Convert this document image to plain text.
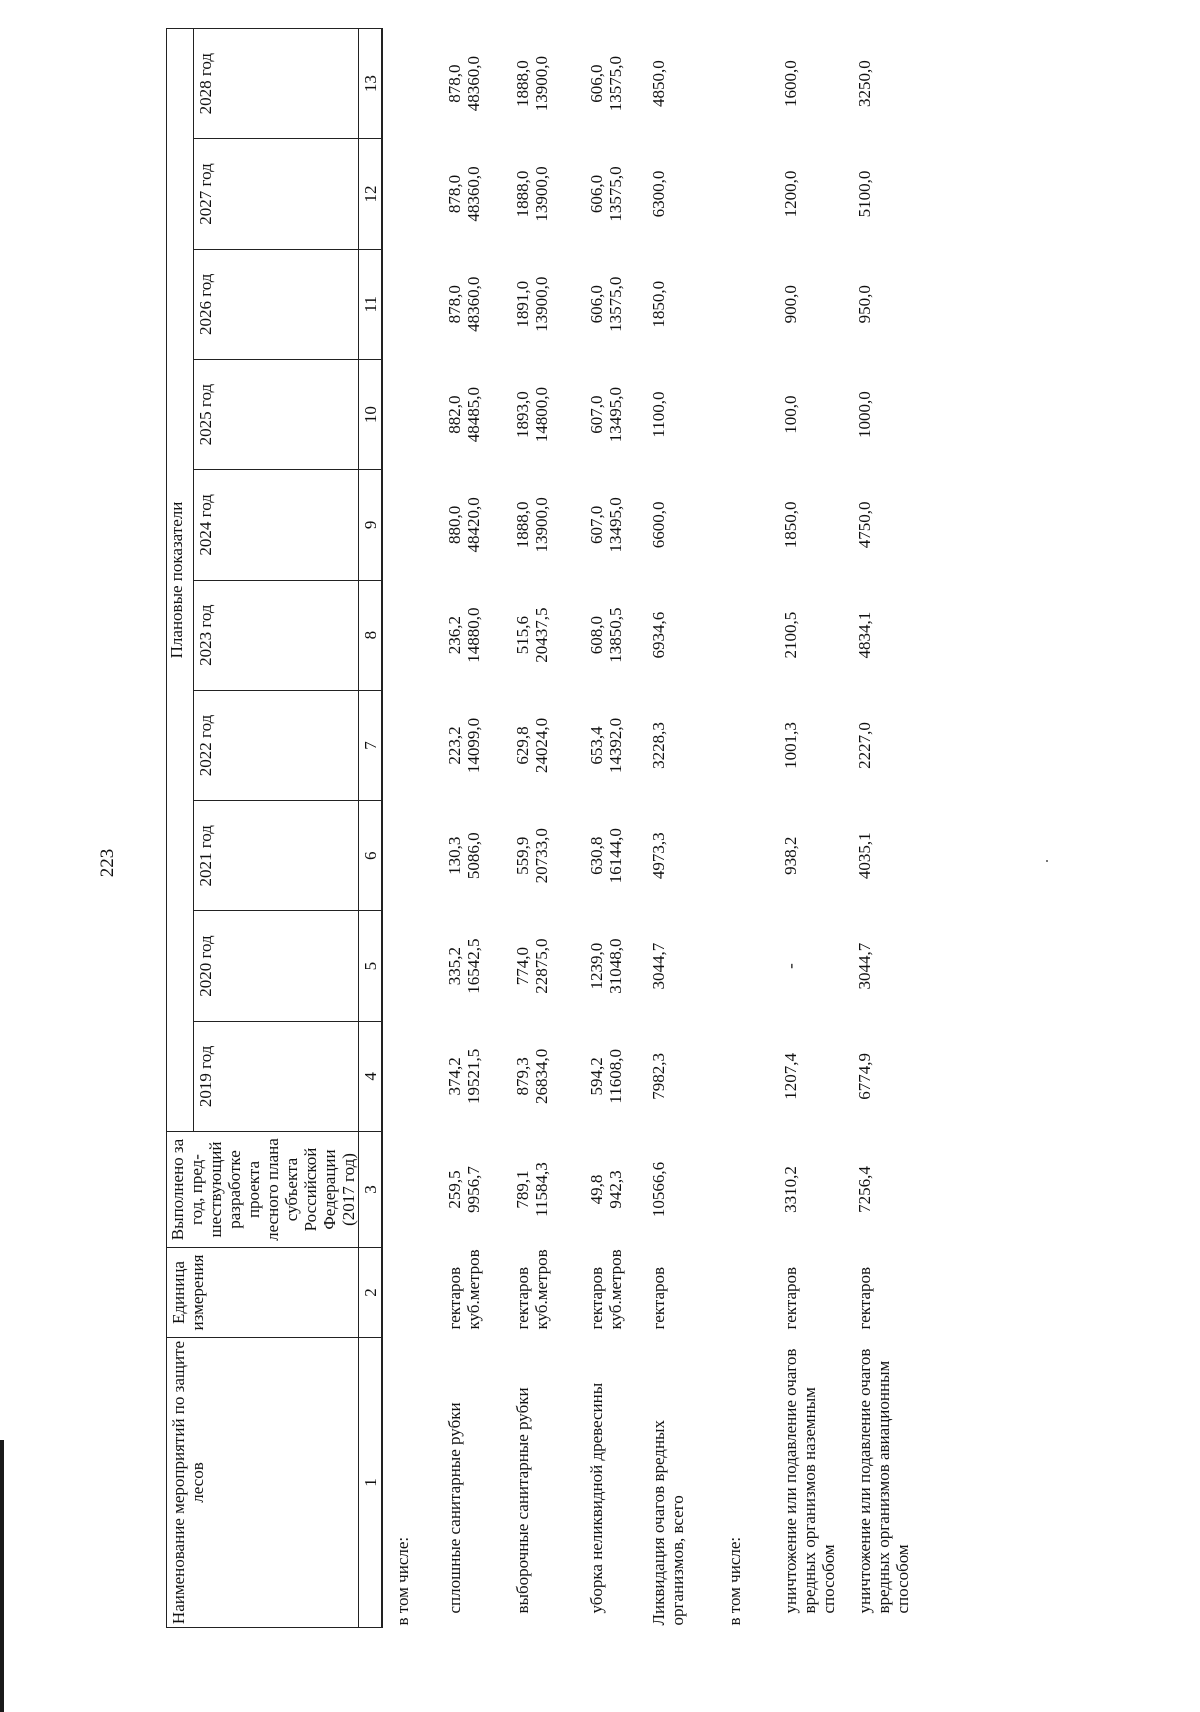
223
Наименование мероприятий по защите лесов	Единица измерения	Выполнено за год, пред-шествующий разработке проекта лесного плана субъекта Российской Федерации (2017 год)	Плановые показатели									
			2019 год	2020 год	2021 год	2022 год	2023 год	2024 год	2025 год	2026 год	2027 год	2028 год
1	2	3	4	5	6	7	8	9	10	11	12	13
в том числе:												
сплошные санитарные рубки	гектаров куб.метров	259,5 9956,7	374,2 19521,5	335,2 16542,5	130,3 5086,0	223,2 14099,0	236,2 14880,0	880,0 48420,0	882,0 48485,0	878,0 48360,0	878,0 48360,0	878,0 48360,0

выборочные санитарные рубки	гектаров куб.метров	789,1 11584,3	879,3 26834,0	774,0 22875,0	559,9 20733,0	629,8 24024,0	515,6 20437,5	1888,0 13900,0	1893,0 14800,0	1891,0 13900,0	1888,0 13900,0	1888,0 13900,0

уборка неликвидной древесины	гектаров куб.метров	49,8 942,3	594,2 11608,0	1239,0 31048,0	630,8 16144,0	653,4 14392,0	608,0 13850,5	607,0 13495,0	607,0 13495,0	606,0 13575,0	606,0 13575,0	606,0 13575,0

Ликвидация очагов вредных организмов, всего	гектаров	10566,6	7982,3	3044,7	4973,3	3228,3	6934,6	6600,0	1100,0	1850,0	6300,0	4850,0

в том числе:												
уничтожение или подавление очагов вредных организмов наземным способом	гектаров	3310,2	1207,4	-	938,2	1001,3	2100,5	1850,0	100,0	900,0	1200,0	1600,0

уничтожение или подавление очагов вредных организмов авиационным способом	гектаров	7256,4	6774,9	3044,7	4035,1	2227,0	4834,1	4750,0	1000,0	950,0	5100,0	3250,0
